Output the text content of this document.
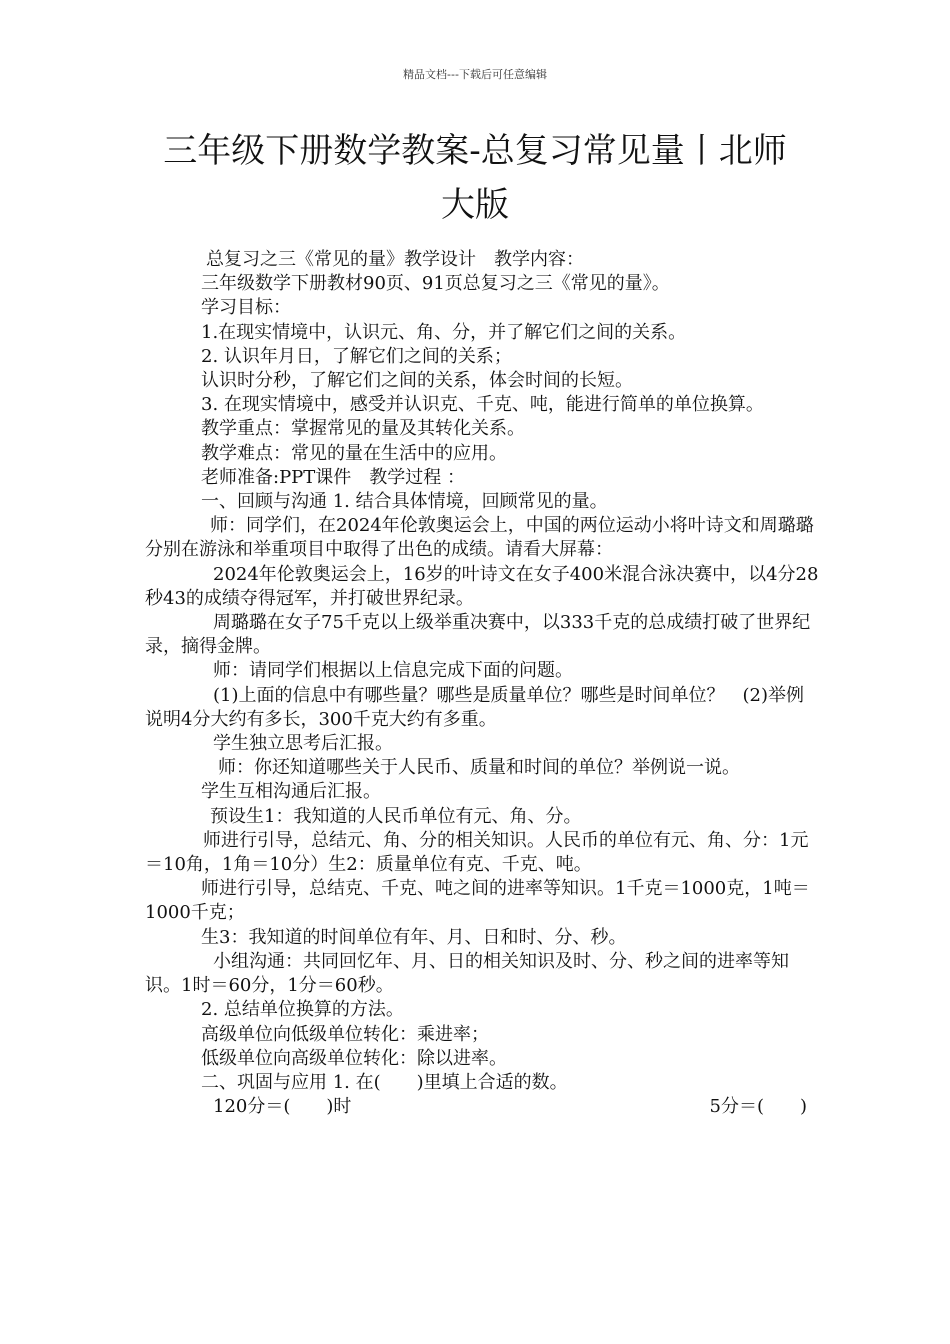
精品文档---下载后可任意编辑
三年级下册数学教案-总复习常见量丨北师
大版

总复习之三《常见的量》教学设计　教学内容：

三年级数学下册教材90页、91页总复习之三《常见的量》。

学习目标：

1.在现实情境中，认识元、角、分，并了解它们之间的关系。

2. 认识年月日，了解它们之间的关系；

认识时分秒，了解它们之间的关系，体会时间的长短。

3. 在现实情境中，感受并认识克、千克、吨，能进行简单的单位换算。

教学重点：掌握常见的量及其转化关系。

教学难点：常见的量在生活中的应用。

老师准备:PPT课件　教学过程 ：

一、回顾与沟通 1. 结合具体情境，回顾常见的量。

师：同学们，在2024年伦敦奥运会上，中国的两位运动小将叶诗文和周璐璐分别在游泳和举重项目中取得了出色的成绩。请看大屏幕：

2024年伦敦奥运会上，16岁的叶诗文在女子400米混合泳决赛中，以4分28秒43的成绩夺得冠军，并打破世界纪录。

周璐璐在女子75千克以上级举重决赛中，以333千克的总成绩打破了世界纪录，摘得金牌。

师：请同学们根据以上信息完成下面的问题。

(1)上面的信息中有哪些量？哪些是质量单位？哪些是时间单位？　(2)举例说明4分大约有多长，300千克大约有多重。

学生独立思考后汇报。

师：你还知道哪些关于人民币、质量和时间的单位？举例说一说。

学生互相沟通后汇报。

预设生1：我知道的人民币单位有元、角、分。

师进行引导，总结元、角、分的相关知识。人民币的单位有元、角、分：1元＝10角，1角＝10分）生2：质量单位有克、千克、吨。

师进行引导，总结克、千克、吨之间的进率等知识。1千克＝1000克，1吨＝1000千克；

生3：我知道的时间单位有年、月、日和时、分、秒。

小组沟通：共同回忆年、月、日的相关知识及时、分、秒之间的进率等知识。1时＝60分，1分＝60秒。

2. 总结单位换算的方法。

高级单位向低级单位转化：乘进率；

低级单位向高级单位转化：除以进率。

二、巩固与应用 1. 在(　　)里填上合适的数。

120分＝(　　)时	5分＝(　　)
